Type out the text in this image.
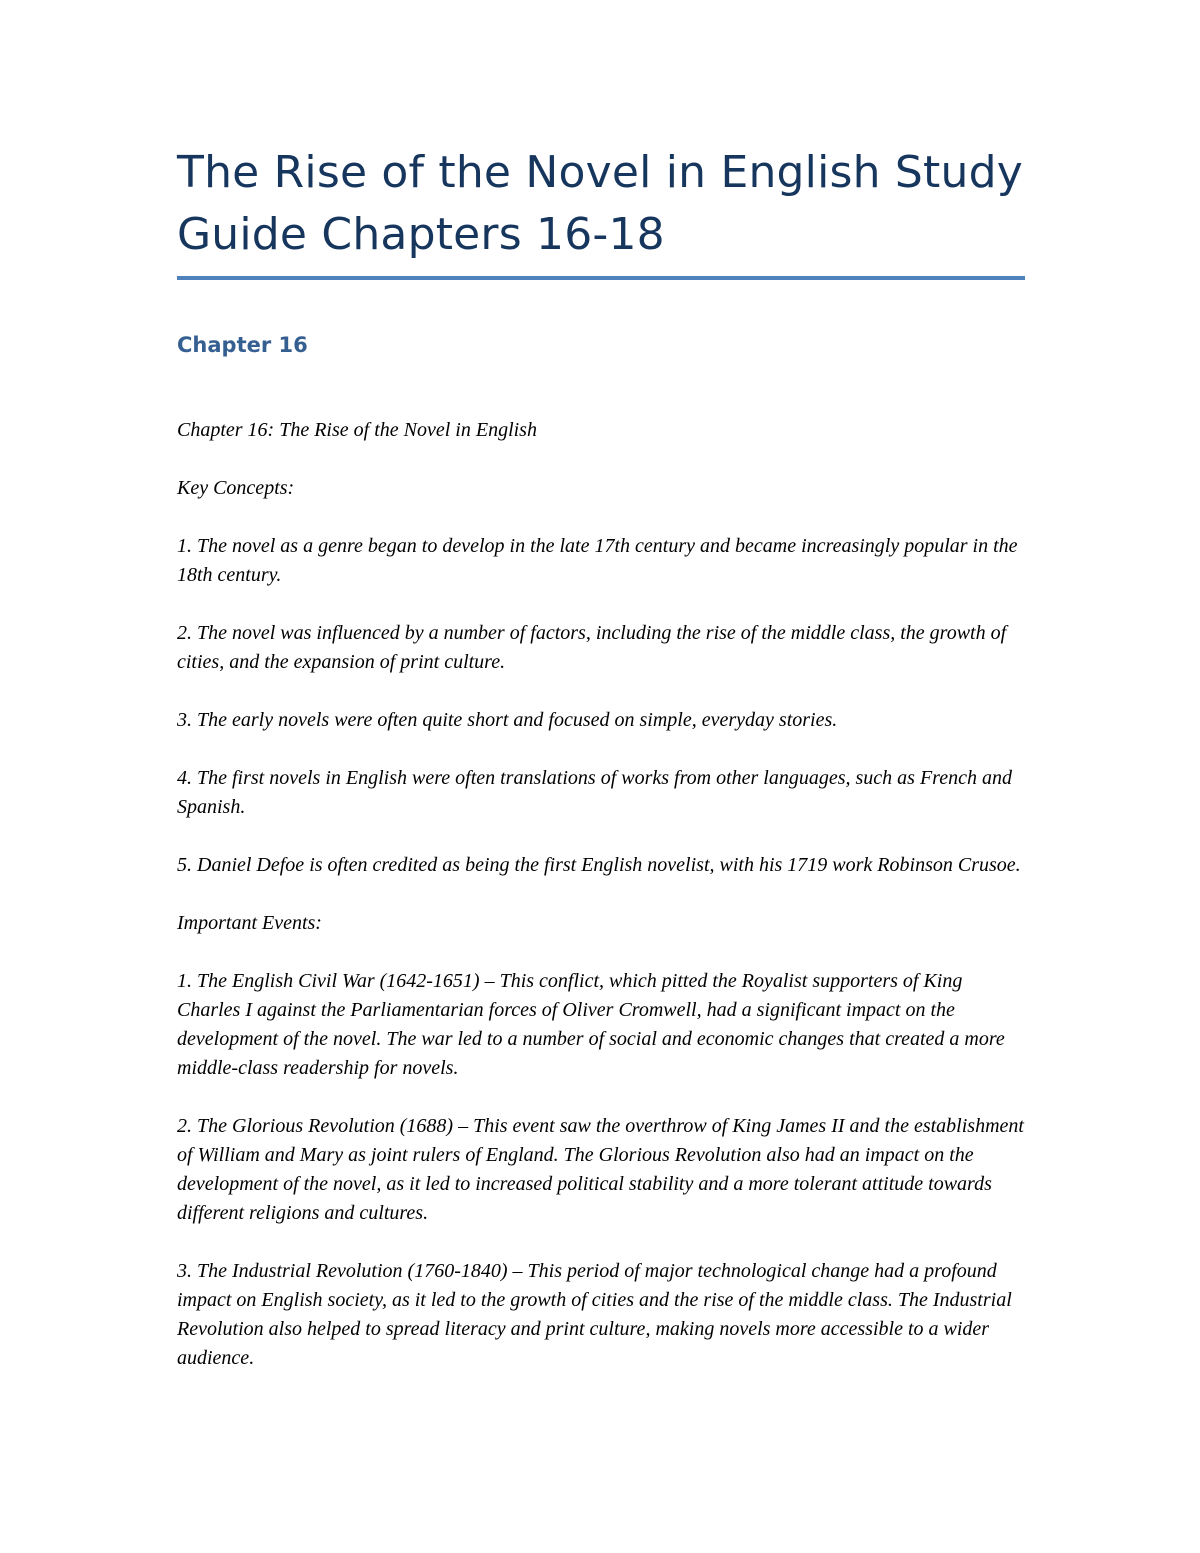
The Rise of the Novel in English Study Guide Chapters 16-18
Chapter 16

Chapter 16: The Rise of the Novel in English

Key Concepts:

1. The novel as a genre began to develop in the late 17th century and became increasingly popular in the 18th century.

2. The novel was influenced by a number of factors, including the rise of the middle class, the growth of cities, and the expansion of print culture.

3. The early novels were often quite short and focused on simple, everyday stories.

4. The first novels in English were often translations of works from other languages, such as French and Spanish.

5. Daniel Defoe is often credited as being the first English novelist, with his 1719 work Robinson Crusoe.

Important Events:

1. The English Civil War (1642-1651) – This conflict, which pitted the Royalist supporters of King Charles I against the Parliamentarian forces of Oliver Cromwell, had a significant impact on the development of the novel. The war led to a number of social and economic changes that created a more middle-class readership for novels.

2. The Glorious Revolution (1688) – This event saw the overthrow of King James II and the establishment of William and Mary as joint rulers of England. The Glorious Revolution also had an impact on the development of the novel, as it led to increased political stability and a more tolerant attitude towards different religions and cultures.

3. The Industrial Revolution (1760-1840) – This period of major technological change had a profound impact on English society, as it led to the growth of cities and the rise of the middle class. The Industrial Revolution also helped to spread literacy and print culture, making novels more accessible to a wider audience.
